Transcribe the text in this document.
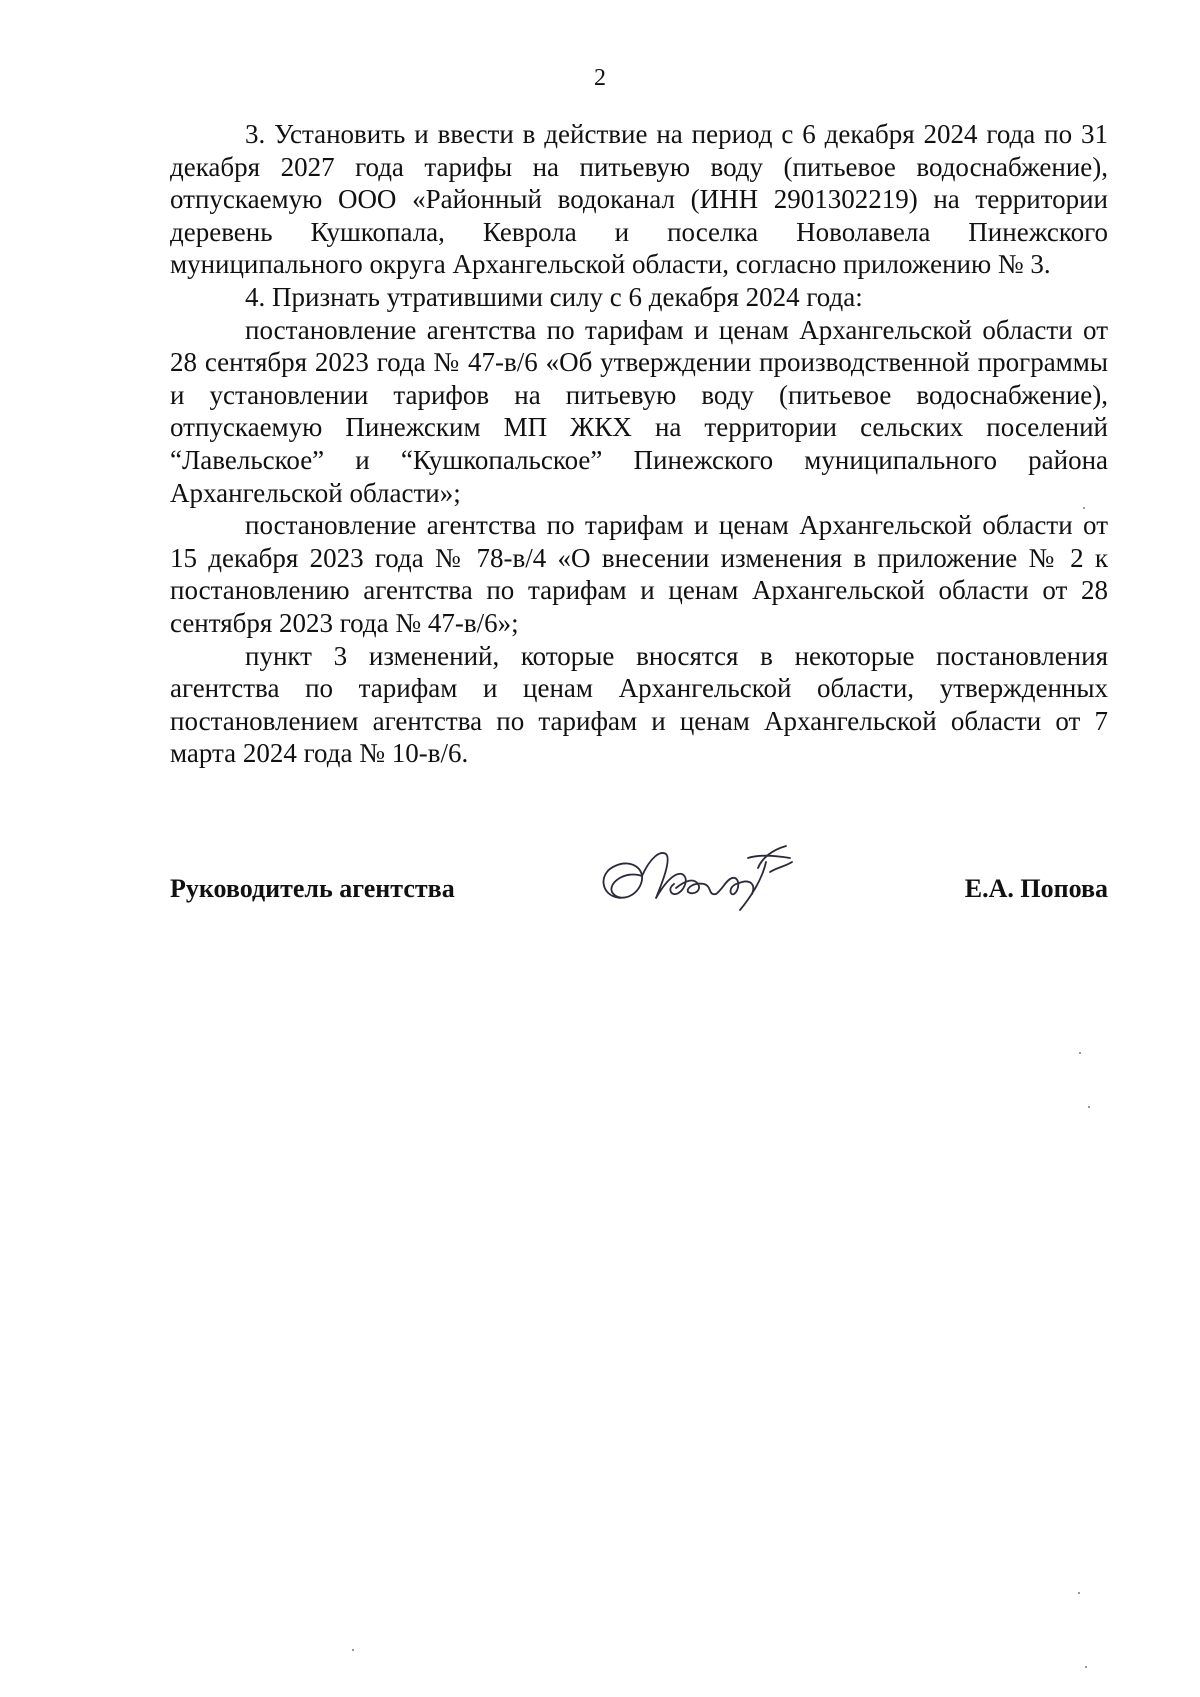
2

3. Установить и ввести в действие на период с 6 декабря 2024 года по 31 декабря 2027 года тарифы на питьевую воду (питьевое водоснабжение), отпускаемую ООО «Районный водоканал (ИНН 2901302219) на территории деревень Кушкопала, Кеврола и поселка Новолавела Пинежского муниципального округа Архангельской области, согласно приложению № 3.

4. Признать утратившими силу с 6 декабря 2024 года:

постановление агентства по тарифам и ценам Архангельской области от 28 сентября 2023 года № 47-в/6 «Об утверждении производственной программы и установлении тарифов на питьевую воду (питьевое водоснабжение), отпускаемую Пинежским МП ЖКХ на территории сельских поселений “Лавельское” и “Кушкопальское” Пинежского муниципального района Архангельской области»;

постановление агентства по тарифам и ценам Архангельской области от 15 декабря 2023 года № 78-в/4 «О внесении изменения в приложение № 2 к постановлению агентства по тарифам и ценам Архангельской области от 28 сентября 2023 года № 47-в/6»;

пункт 3 изменений, которые вносятся в некоторые постановления агентства по тарифам и ценам Архангельской области, утвержденных постановлением агентства по тарифам и ценам Архангельской области от 7 марта 2024 года № 10-в/6.

Руководитель агентства	Е.А. Попова
